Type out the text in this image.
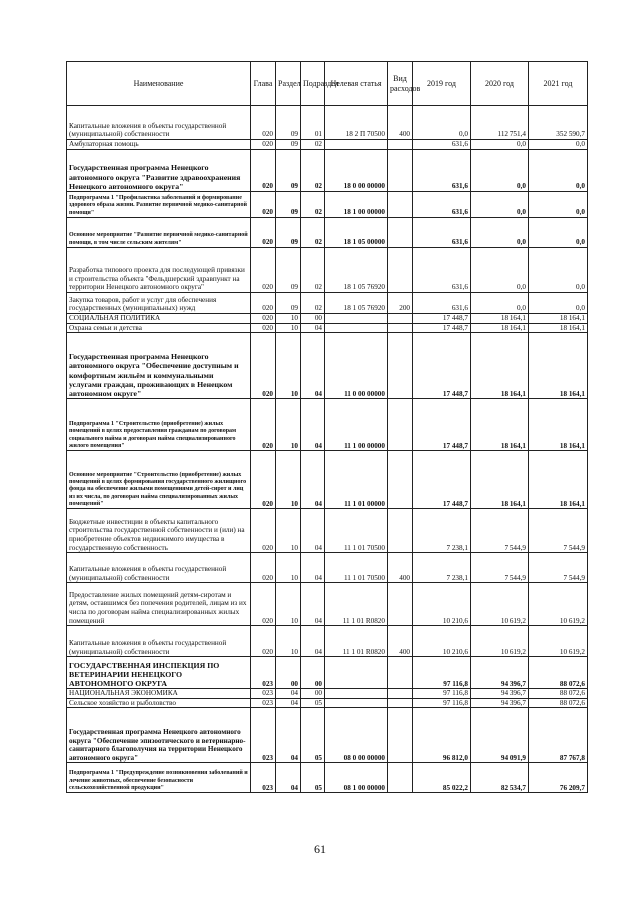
Наименование	Глава	Раздел	Подраздел	Целевая статья	Вид расходов	2019 год	2020 год	2021 год
Капитальные вложения в объекты государственной (муниципальной) собственности	020	09	01	18 2 П 70500	400	0,0	112 751,4	352 590,7
Амбулаторная помощь	020	09	02			631,6	0,0	0,0
Государственная программа Ненецкого автономного округа "Развитие здравоохранения Ненецкого автономного округа"	020	09	02	18 0 00 00000		631,6	0,0	0,0
Подпрограмма 1 "Профилактика заболеваний и формирование здорового образа жизни. Развитие первичной медико-санитарной помощи"	020	09	02	18 1 00 00000		631,6	0,0	0,0
Основное мероприятие "Развитие первичной медико-санитарной помощи, в том числе сельским жителям"	020	09	02	18 1 05 00000		631,6	0,0	0,0
Разработка типового проекта для последующей привязки и строительства объекта "Фельдшерский здравпункт на территории Ненецкого автономного округа"	020	09	02	18 1 05 76920		631,6	0,0	0,0
Закупка товаров, работ и услуг для обеспечения государственных (муниципальных) нужд	020	09	02	18 1 05 76920	200	631,6	0,0	0,0
СОЦИАЛЬНАЯ ПОЛИТИКА	020	10	00			17 448,7	18 164,1	18 164,1
Охрана семьи и детства	020	10	04			17 448,7	18 164,1	18 164,1
Государственная программа Ненецкого автономного округа "Обеспечение доступным и комфортным жильём и коммунальными услугами граждан, проживающих в Ненецком автономном округе"	020	10	04	11 0 00 00000		17 448,7	18 164,1	18 164,1
Подпрограмма 1 "Строительство (приобретение) жилых помещений в целях предоставления гражданам по договорам социального найма и договорам найма специализированного жилого помещения"	020	10	04	11 1 00 00000		17 448,7	18 164,1	18 164,1
Основное мероприятие "Строительство (приобретение) жилых помещений в целях формирования государственного жилищного фонда на обеспечение жилыми помещениями детей-сирот и лиц из их числа, по договорам найма специализированных жилых помещений"	020	10	04	11 1 01 00000		17 448,7	18 164,1	18 164,1
Бюджетные инвестиции в объекты капитального строительства государственной собственности и (или) на приобретение объектов недвижимого имущества в государственную собственность	020	10	04	11 1 01 70500		7 238,1	7 544,9	7 544,9
Капитальные вложения в объекты государственной (муниципальной) собственности	020	10	04	11 1 01 70500	400	7 238,1	7 544,9	7 544,9
Предоставление жилых помещений детям-сиротам и детям, оставшимся без попечения родителей, лицам из их числа по договорам найма специализированных жилых помещений	020	10	04	11 1 01 R0820		10 210,6	10 619,2	10 619,2
Капитальные вложения в объекты государственной (муниципальной) собственности	020	10	04	11 1 01 R0820	400	10 210,6	10 619,2	10 619,2
ГОСУДАРСТВЕННАЯ ИНСПЕКЦИЯ ПО ВЕТЕРИНАРИИ НЕНЕЦКОГО АВТОНОМНОГО ОКРУГА	023	00	00			97 116,8	94 396,7	88 072,6
НАЦИОНАЛЬНАЯ ЭКОНОМИКА	023	04	00			97 116,8	94 396,7	88 072,6
Сельское хозяйство и рыболовство	023	04	05			97 116,8	94 396,7	88 072,6
Государственная программа Ненецкого автономного округа "Обеспечение эпизоотического и ветеринарно-санитарного благополучия на территории Ненецкого автономного округа"	023	04	05	08 0 00 00000		96 812,0	94 091,9	87 767,8
Подпрограмма 1 "Предупреждение возникновения заболеваний и лечение животных, обеспечение безопасности сельскохозяйственной продукции"	023	04	05	08 1 00 00000		85 022,2	82 534,7	76 209,7
61
